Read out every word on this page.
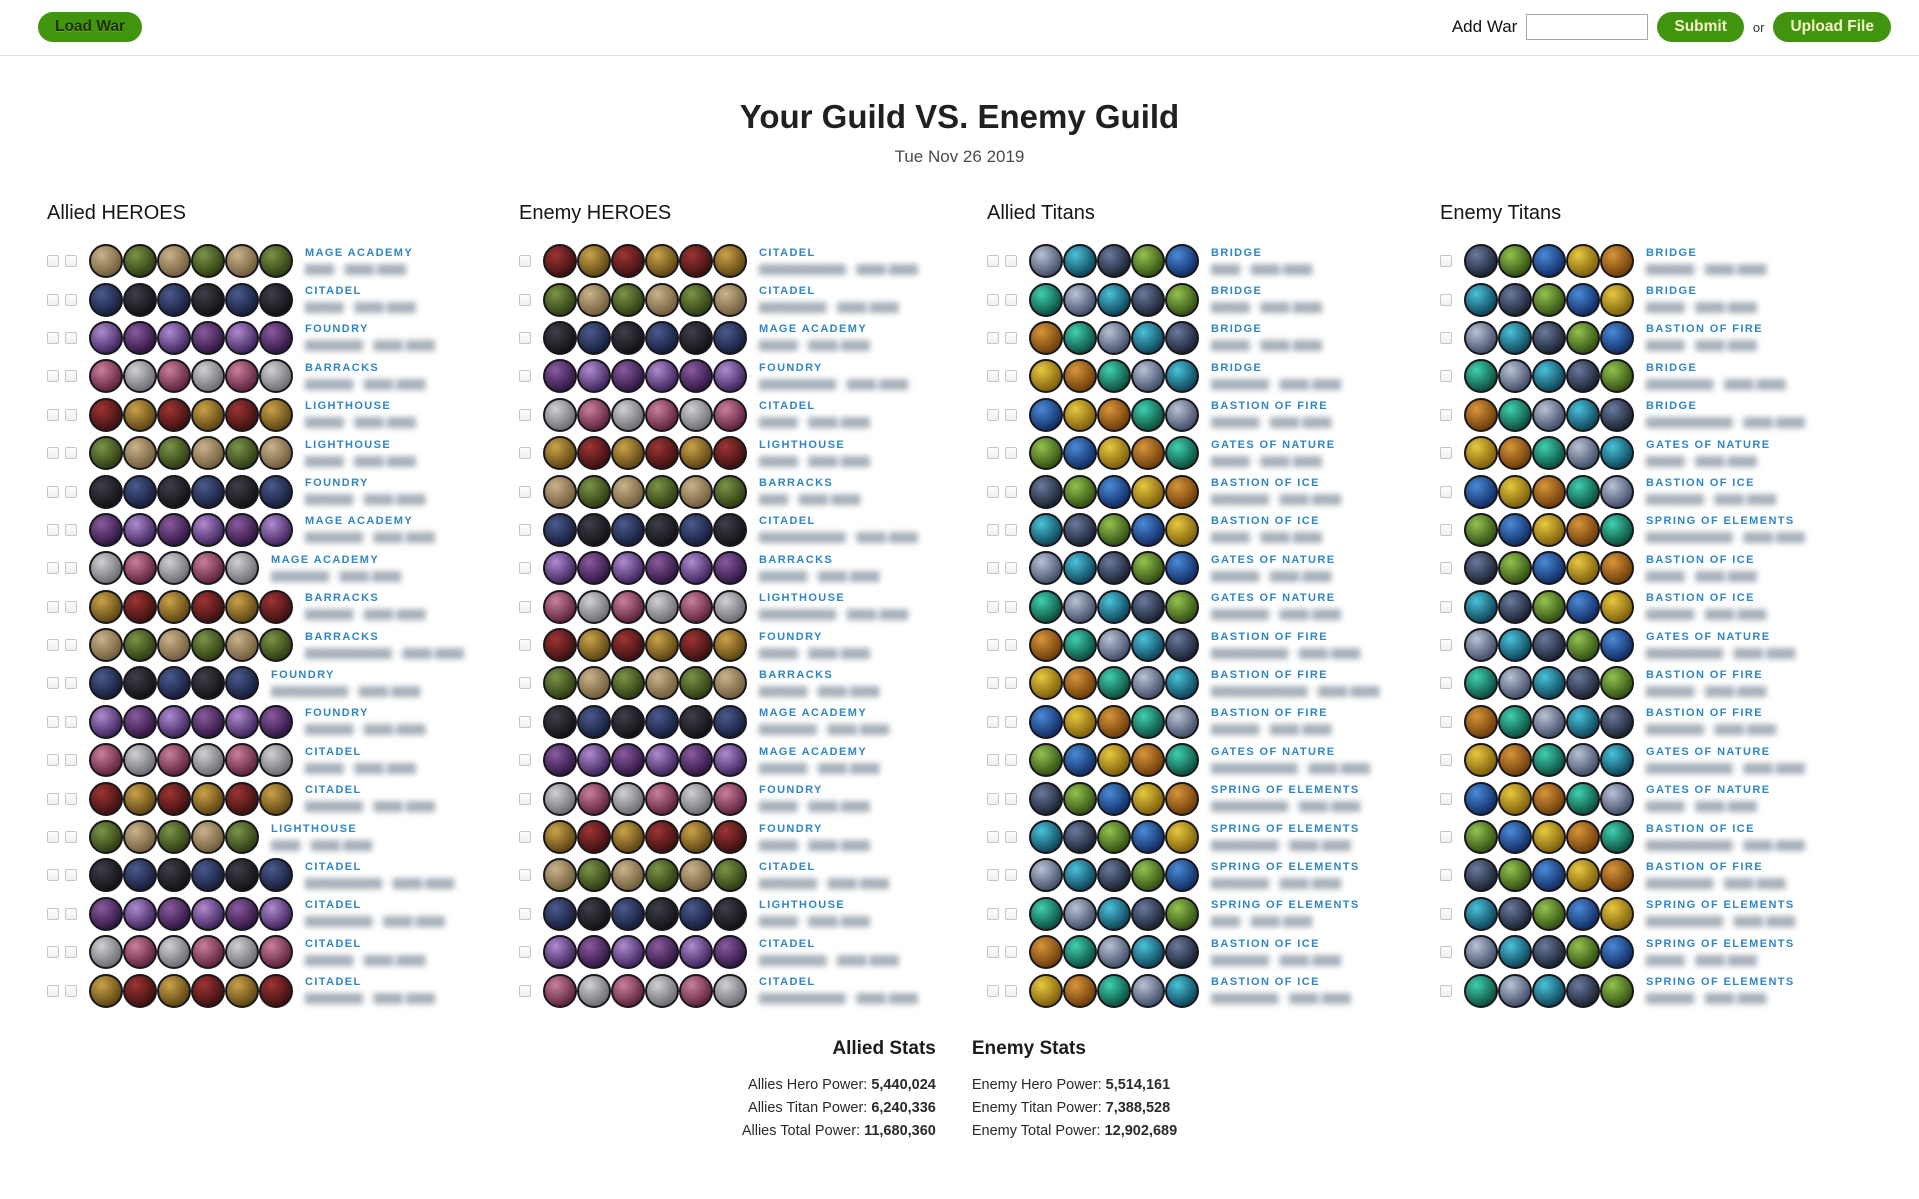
Load War	Add War	Submit	or	Upload File
Your Guild VS. Enemy Guild
Tue Nov 26 2019
Allied HEROES
MAGE ACADEMY
▆▆▆ - ▆▆▆,▆▆▆
CITADEL
▆▆▆▆ - ▆▆▆,▆▆▆
FOUNDRY
▆▆▆▆▆▆ - ▆▆▆,▆▆▆
BARRACKS
▆▆▆▆▆ - ▆▆▆,▆▆▆
LIGHTHOUSE
▆▆▆▆ - ▆▆▆,▆▆▆
LIGHTHOUSE
▆▆▆▆ - ▆▆▆,▆▆▆
FOUNDRY
▆▆▆▆▆ - ▆▆▆,▆▆▆
MAGE ACADEMY
▆▆▆▆▆▆ - ▆▆▆,▆▆▆
MAGE ACADEMY
▆▆▆▆▆▆ - ▆▆▆,▆▆▆
BARRACKS
▆▆▆▆▆ - ▆▆▆,▆▆▆
BARRACKS
▆▆▆▆▆▆▆▆▆ - ▆▆▆,▆▆▆
FOUNDRY
▆▆▆▆▆▆▆▆ - ▆▆▆,▆▆▆
FOUNDRY
▆▆▆▆▆ - ▆▆▆,▆▆▆
CITADEL
▆▆▆▆ - ▆▆▆,▆▆▆
CITADEL
▆▆▆▆▆▆ - ▆▆▆,▆▆▆
LIGHTHOUSE
▆▆▆ - ▆▆▆,▆▆▆
CITADEL
▆▆▆▆▆▆▆▆ - ▆▆▆,▆▆▆
CITADEL
▆▆▆▆▆▆▆ - ▆▆▆,▆▆▆
CITADEL
▆▆▆▆▆ - ▆▆▆,▆▆▆
CITADEL
▆▆▆▆▆▆ - ▆▆▆,▆▆▆
Enemy HEROES
CITADEL
▆▆▆▆▆▆▆▆▆ - ▆▆▆,▆▆▆
CITADEL
▆▆▆▆▆▆▆ - ▆▆▆,▆▆▆
MAGE ACADEMY
▆▆▆▆ - ▆▆▆,▆▆▆
FOUNDRY
▆▆▆▆▆▆▆▆ - ▆▆▆,▆▆▆
CITADEL
▆▆▆▆ - ▆▆▆,▆▆▆
LIGHTHOUSE
▆▆▆▆ - ▆▆▆,▆▆▆
BARRACKS
▆▆▆ - ▆▆▆,▆▆▆
CITADEL
▆▆▆▆▆▆▆▆▆ - ▆▆▆,▆▆▆
BARRACKS
▆▆▆▆▆ - ▆▆▆,▆▆▆
LIGHTHOUSE
▆▆▆▆▆▆▆▆ - ▆▆▆,▆▆▆
FOUNDRY
▆▆▆▆ - ▆▆▆,▆▆▆
BARRACKS
▆▆▆▆▆ - ▆▆▆,▆▆▆
MAGE ACADEMY
▆▆▆▆▆▆ - ▆▆▆,▆▆▆
MAGE ACADEMY
▆▆▆▆▆ - ▆▆▆,▆▆▆
FOUNDRY
▆▆▆▆ - ▆▆▆,▆▆▆
FOUNDRY
▆▆▆▆ - ▆▆▆,▆▆▆
CITADEL
▆▆▆▆▆▆ - ▆▆▆,▆▆▆
LIGHTHOUSE
▆▆▆▆ - ▆▆▆,▆▆▆
CITADEL
▆▆▆▆▆▆▆ - ▆▆▆,▆▆▆
CITADEL
▆▆▆▆▆▆▆▆▆ - ▆▆▆,▆▆▆
Allied Titans
BRIDGE
▆▆▆ - ▆▆▆,▆▆▆
BRIDGE
▆▆▆▆ - ▆▆▆,▆▆▆
BRIDGE
▆▆▆▆ - ▆▆▆,▆▆▆
BRIDGE
▆▆▆▆▆▆ - ▆▆▆,▆▆▆
BASTION OF FIRE
▆▆▆▆▆ - ▆▆▆,▆▆▆
GATES OF NATURE
▆▆▆▆ - ▆▆▆,▆▆▆
BASTION OF ICE
▆▆▆▆▆▆ - ▆▆▆,▆▆▆
BASTION OF ICE
▆▆▆▆ - ▆▆▆,▆▆▆
GATES OF NATURE
▆▆▆▆▆ - ▆▆▆,▆▆▆
GATES OF NATURE
▆▆▆▆▆▆ - ▆▆▆,▆▆▆
BASTION OF FIRE
▆▆▆▆▆▆▆▆ - ▆▆▆,▆▆▆
BASTION OF FIRE
▆▆▆▆▆▆▆▆▆▆ - ▆▆▆,▆▆▆
BASTION OF FIRE
▆▆▆▆▆ - ▆▆▆,▆▆▆
GATES OF NATURE
▆▆▆▆▆▆▆▆▆ - ▆▆▆,▆▆▆
SPRING OF ELEMENTS
▆▆▆▆▆▆▆▆ - ▆▆▆,▆▆▆
SPRING OF ELEMENTS
▆▆▆▆▆▆▆ - ▆▆▆,▆▆▆
SPRING OF ELEMENTS
▆▆▆▆▆▆ - ▆▆▆,▆▆▆
SPRING OF ELEMENTS
▆▆▆ - ▆▆▆,▆▆▆
BASTION OF ICE
▆▆▆▆▆▆ - ▆▆▆,▆▆▆
BASTION OF ICE
▆▆▆▆▆▆▆ - ▆▆▆,▆▆▆
Enemy Titans
BRIDGE
▆▆▆▆▆ - ▆▆▆,▆▆▆
BRIDGE
▆▆▆▆ - ▆▆▆,▆▆▆
BASTION OF FIRE
▆▆▆▆ - ▆▆▆,▆▆▆
BRIDGE
▆▆▆▆▆▆▆ - ▆▆▆,▆▆▆
BRIDGE
▆▆▆▆▆▆▆▆▆ - ▆▆▆,▆▆▆
GATES OF NATURE
▆▆▆▆ - ▆▆▆,▆▆▆
BASTION OF ICE
▆▆▆▆▆▆ - ▆▆▆,▆▆▆
SPRING OF ELEMENTS
▆▆▆▆▆▆▆▆▆ - ▆▆▆,▆▆▆
BASTION OF ICE
▆▆▆▆ - ▆▆▆,▆▆▆
BASTION OF ICE
▆▆▆▆▆ - ▆▆▆,▆▆▆
GATES OF NATURE
▆▆▆▆▆▆▆▆ - ▆▆▆,▆▆▆
BASTION OF FIRE
▆▆▆▆▆ - ▆▆▆,▆▆▆
BASTION OF FIRE
▆▆▆▆▆▆ - ▆▆▆,▆▆▆
GATES OF NATURE
▆▆▆▆▆▆▆▆▆ - ▆▆▆,▆▆▆
GATES OF NATURE
▆▆▆▆ - ▆▆▆,▆▆▆
BASTION OF ICE
▆▆▆▆▆▆▆▆▆ - ▆▆▆,▆▆▆
BASTION OF FIRE
▆▆▆▆▆▆▆ - ▆▆▆,▆▆▆
SPRING OF ELEMENTS
▆▆▆▆▆▆▆▆ - ▆▆▆,▆▆▆
SPRING OF ELEMENTS
▆▆▆▆ - ▆▆▆,▆▆▆
SPRING OF ELEMENTS
▆▆▆▆▆ - ▆▆▆,▆▆▆
Allied Stats
Allies Hero Power: 5,440,024
Allies Titan Power: 6,240,336
Allies Total Power: 11,680,360
Enemy Stats
Enemy Hero Power: 5,514,161
Enemy Titan Power: 7,388,528
Enemy Total Power: 12,902,689
